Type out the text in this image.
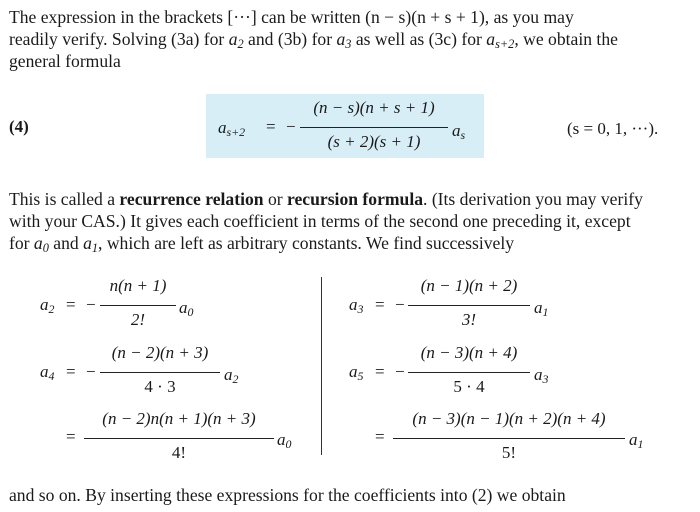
The expression in the brackets [···] can be written (n − s)(n + s + 1), as you may
readily verify. Solving (3a) for $a_2$ and (3b) for $a_3$ as well as (3c) for $a_{s+2}$, we obtain the
general formula
(4)	$a_{s+2}$ = −
(n − s)(n + s + 1)
(s + 2)(s + 1)
$a_s$	(s = 0, 1, ···).
This is called a recurrence relation or recursion formula. (Its derivation you may verify
with your CAS.) It gives each coefficient in terms of the second one preceding it, except
for $a_0$ and $a_1$, which are left as arbitrary constants. We find successively
$a_2$ = −
n(n + 1)
2!
$a_0$	$a_3$ = −
(n − 1)(n + 2)
3!
$a_1$
$a_4$ = −
(n − 2)(n + 3)
4 · 3
$a_2$	$a_5$ = −
(n − 3)(n + 4)
5 · 4
$a_3$
=
(n − 2)n(n + 1)(n + 3)
4!
$a_0$	=
(n − 3)(n − 1)(n + 2)(n + 4)
5!
$a_1$
and so on. By inserting these expressions for the coefficients into (2) we obtain
